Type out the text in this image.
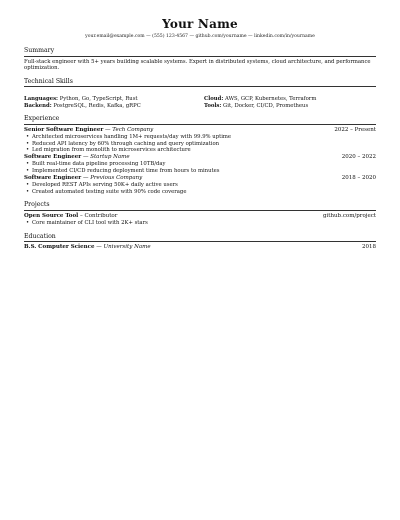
Your Name
your.email@example.com — (555) 123-4567 — github.com/yourname — linkedin.com/in/yourname
Summary
Full-stack engineer with 5+ years building scalable systems. Expert in distributed systems, cloud architecture, and performance optimization.
Technical Skills
Languages: Python, Go, TypeScript, Rust	Cloud: AWS, GCP, Kubernetes, Terraform
Backend: PostgreSQL, Redis, Kafka, gRPC	Tools: Git, Docker, CI/CD, Prometheus
Experience
Senior Software Engineer — Tech Company	2022 – Present
• Architected microservices handling 1M+ requests/day with 99.9% uptime
• Reduced API latency by 60% through caching and query optimization
• Led migration from monolith to microservices architecture
Software Engineer — Startup Name	2020 – 2022
• Built real-time data pipeline processing 10TB/day
• Implemented CI/CD reducing deployment time from hours to minutes
Software Engineer — Previous Company	2018 – 2020
• Developed REST APIs serving 50K+ daily active users
• Created automated testing suite with 90% code coverage
Projects
Open Source Tool – Contributor	github.com/project
• Core maintainer of CLI tool with 2K+ stars
Education
B.S. Computer Science — University Name	2018
